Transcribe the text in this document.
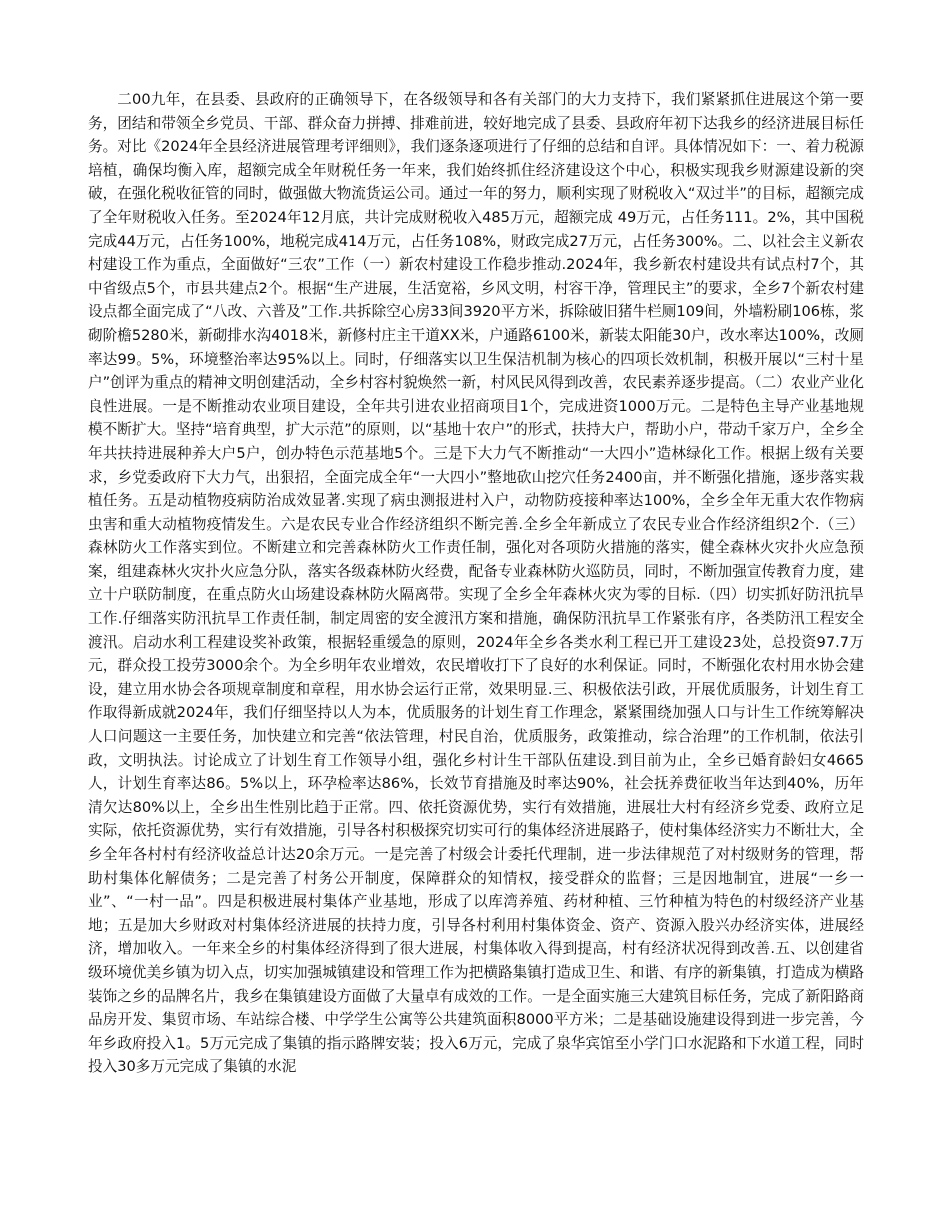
二00九年，在县委、县政府的正确领导下，在各级领导和各有关部门的大力支持下，我们紧紧抓住进展这个第一要务，团结和带领全乡党员、干部、群众奋力拼搏、排难前进，较好地完成了县委、县政府年初下达我乡的经济进展目标任务。对比《2024年全县经济进展管理考评细则》，我们逐条逐项进行了仔细的总结和自评。具体情况如下：一、着力税源培植，确保均衡入库，超额完成全年财税任务一年来，我们始终抓住经济建设这个中心，积极实现我乡财源建设新的突破，在强化税收征管的同时，做强做大物流货运公司。通过一年的努力，顺利实现了财税收入“双过半”的目标，超额完成了全年财税收入任务。至2024年12月底，共计完成财税收入485万元，超额完成 49万元，占任务111。2%，其中国税完成44万元，占任务100%，地税完成414万元，占任务108%，财政完成27万元，占任务300%。二、以社会主义新农村建设工作为重点，全面做好“三农”工作（一）新农村建设工作稳步推动.2024年，我乡新农村建设共有试点村7个，其中省级点5个，市县共建点2个。根据“生产进展，生活宽裕，乡风文明，村容干净，管理民主”的要求，全乡7个新农村建设点都全面完成了“八改、六普及”工作.共拆除空心房33间3920平方米，拆除破旧猪牛栏厕109间，外墙粉刷106栋，浆砌阶檐5280米，新砌排水沟4018米，新修村庄主干道XX米，户通路6100米，新装太阳能30户，改水率达100%，改厕率达99。5%，环境整治率达95%以上。同时，仔细落实以卫生保洁机制为核心的四项长效机制，积极开展以“三村十星户”创评为重点的精神文明创建活动，全乡村容村貌焕然一新，村风民风得到改善，农民素养逐步提高。（二）农业产业化良性进展。一是不断推动农业项目建设，全年共引进农业招商项目1个，完成进资1000万元。二是特色主导产业基地规模不断扩大。坚持“培育典型，扩大示范”的原则，以“基地十农户”的形式，扶持大户，帮助小户，带动千家万户，全乡全年共扶持进展种养大户5户，创办特色示范基地5个。三是下大力气不断推动“一大四小”造林绿化工作。根据上级有关要求，乡党委政府下大力气，出狠招，全面完成全年“一大四小”整地砍山挖穴任务2400亩，并不断强化措施，逐步落实栽植任务。五是动植物疫病防治成效显著.实现了病虫测报进村入户，动物防疫接种率达100%，全乡全年无重大农作物病虫害和重大动植物疫情发生。六是农民专业合作经济组织不断完善.全乡全年新成立了农民专业合作经济组织2个.（三）森林防火工作落实到位。不断建立和完善森林防火工作责任制，强化对各项防火措施的落实，健全森林火灾扑火应急预案，组建森林火灾扑火应急分队，落实各级森林防火经费，配备专业森林防火巡防员，同时，不断加强宣传教育力度，建立十户联防制度，在重点防火山场建设森林防火隔离带。实现了全乡全年森林火灾为零的目标.（四）切实抓好防汛抗旱工作.仔细落实防汛抗旱工作责任制，制定周密的安全渡汛方案和措施，确保防汛抗旱工作紧张有序，各类防汛工程安全渡汛。启动水利工程建设奖补政策，根据轻重缓急的原则，2024年全乡各类水利工程已开工建设23处，总投资97.7万元，群众投工投劳3000余个。为全乡明年农业增效，农民增收打下了良好的水利保证。同时，不断强化农村用水协会建设，建立用水协会各项规章制度和章程，用水协会运行正常，效果明显.三、积极依法引政，开展优质服务，计划生育工作取得新成就2024年，我们仔细坚持以人为本，优质服务的计划生育工作理念，紧紧围绕加强人口与计生工作统筹解决人口问题这一主要任务，加快建立和完善“依法管理，村民自治，优质服务，政策推动，综合治理”的工作机制，依法引政，文明执法。讨论成立了计划生育工作领导小组，强化乡村计生干部队伍建设.到目前为止，全乡已婚育龄妇女4665人，计划生育率达86。5%以上，环孕检率达86%，长效节育措施及时率达90%，社会抚养费征收当年达到40%，历年清欠达80%以上，全乡出生性别比趋于正常。四、依托资源优势，实行有效措施，进展壮大村有经济乡党委、政府立足实际，依托资源优势，实行有效措施，引导各村积极探究切实可行的集体经济进展路子，使村集体经济实力不断壮大，全乡全年各村村有经济收益总计达20余万元。一是完善了村级会计委托代理制，进一步法律规范了对村级财务的管理，帮助村集体化解债务；二是完善了村务公开制度，保障群众的知情权，接受群众的监督；三是因地制宜，进展“一乡一业”、“一村一品”。四是积极进展村集体产业基地，形成了以库湾养殖、药材种植、三竹种植为特色的村级经济产业基地；五是加大乡财政对村集体经济进展的扶持力度，引导各村利用村集体资金、资产、资源入股兴办经济实体，进展经济，增加收入。一年来全乡的村集体经济得到了很大进展，村集体收入得到提高，村有经济状况得到改善.五、以创建省级环境优美乡镇为切入点，切实加强城镇建设和管理工作为把横路集镇打造成卫生、和谐、有序的新集镇，打造成为横路装饰之乡的品牌名片，我乡在集镇建设方面做了大量卓有成效的工作。一是全面实施三大建筑目标任务，完成了新阳路商品房开发、集贸市场、车站综合楼、中学学生公寓等公共建筑面积8000平方米；二是基础设施建设得到进一步完善，今年乡政府投入1。5万元完成了集镇的指示路牌安装；投入6万元，完成了泉华宾馆至小学门口水泥路和下水道工程，同时投入30多万元完成了集镇的水泥
